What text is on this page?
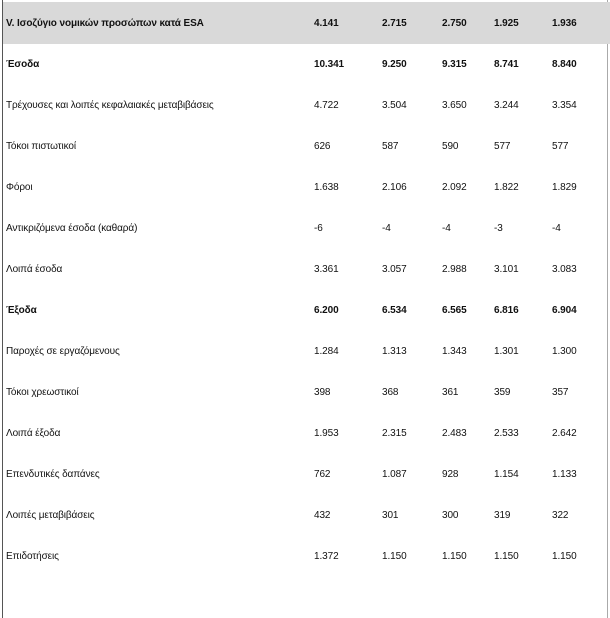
V. Ισοζύγιο νομικών προσώπων κατά ESA	4.141	2.715	2.750	1.925	1.936
Έσοδα	10.341	9.250	9.315	8.741	8.840
Τρέχουσες και λοιπές κεφαλαιακές μεταβιβάσεις	4.722	3.504	3.650	3.244	3.354
Τόκοι πιστωτικοί	626	587	590	577	577
Φόροι	1.638	2.106	2.092	1.822	1.829
Αντικριζόμενα έσοδα (καθαρά)	-6	-4	-4	-3	-4
Λοιπά έσοδα	3.361	3.057	2.988	3.101	3.083
Έξοδα	6.200	6.534	6.565	6.816	6.904
Παροχές σε εργαζόμενους	1.284	1.313	1.343	1.301	1.300
Τόκοι χρεωστικοί	398	368	361	359	357
Λοιπά έξοδα	1.953	2.315	2.483	2.533	2.642
Επενδυτικές δαπάνες	762	1.087	928	1.154	1.133
Λοιπές μεταβιβάσεις	432	301	300	319	322
Επιδοτήσεις	1.372	1.150	1.150	1.150	1.150
